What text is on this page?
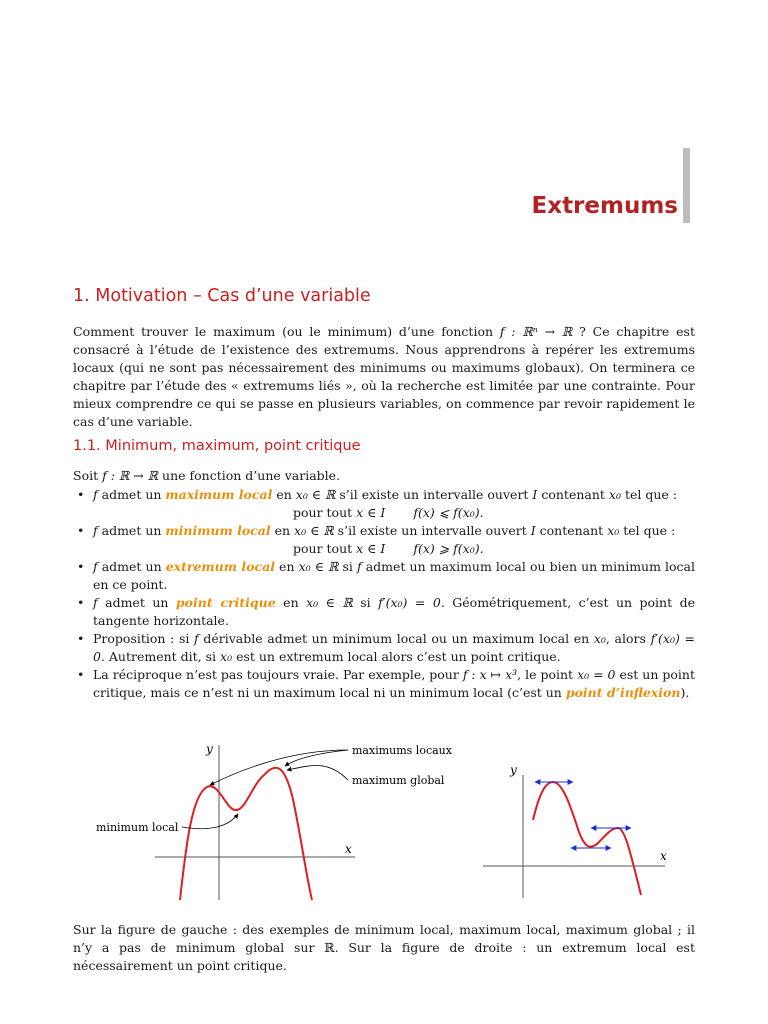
Extremums
1. Motivation – Cas d’une variable

Comment trouver le maximum (ou le minimum) d’une fonction f : ℝⁿ → ℝ ? Ce chapitre est consacré à l’étude de l’existence des extremums. Nous apprendrons à repérer les extremums locaux (qui ne sont pas nécessairement des minimums ou maximums globaux). On terminera ce chapitre par l’étude des « extremums liés », où la recherche est limitée par une contrainte. Pour mieux comprendre ce qui se passe en plusieurs variables, on commence par revoir rapidement le cas d’une variable.

1.1. Minimum, maximum, point critique

Soit f : ℝ → ℝ une fonction d’une variable.

• f admet un maximum local en x₀ ∈ ℝ s’il existe un intervalle ouvert I contenant x₀ tel que :
pour tout x ∈ I f(x) ⩽ f(x₀).
• f admet un minimum local en x₀ ∈ ℝ s’il existe un intervalle ouvert I contenant x₀ tel que :
pour tout x ∈ I f(x) ⩾ f(x₀).
• f admet un extremum local en x₀ ∈ ℝ si f admet un maximum local ou bien un minimum local en ce point.
• f admet un point critique en x₀ ∈ ℝ si f′(x₀) = 0. Géométriquement, c’est un point de tangente horizontale.
• Proposition : si f dérivable admet un minimum local ou un maximum local en x₀, alors f′(x₀) = 0. Autrement dit, si x₀ est un extremum local alors c’est un point critique.
• La réciproque n’est pas toujours vraie. Par exemple, pour f : x ↦ x³, le point x₀ = 0 est un point critique, mais ce n’est ni un maximum local ni un minimum local (c’est un point d’inflexion).
y
x
maximums locaux
maximum global
minimum local
y
x

Sur la figure de gauche : des exemples de minimum local, maximum local, maximum global ; il n’y a pas de minimum global sur ℝ. Sur la figure de droite : un extremum local est nécessairement un point critique.
